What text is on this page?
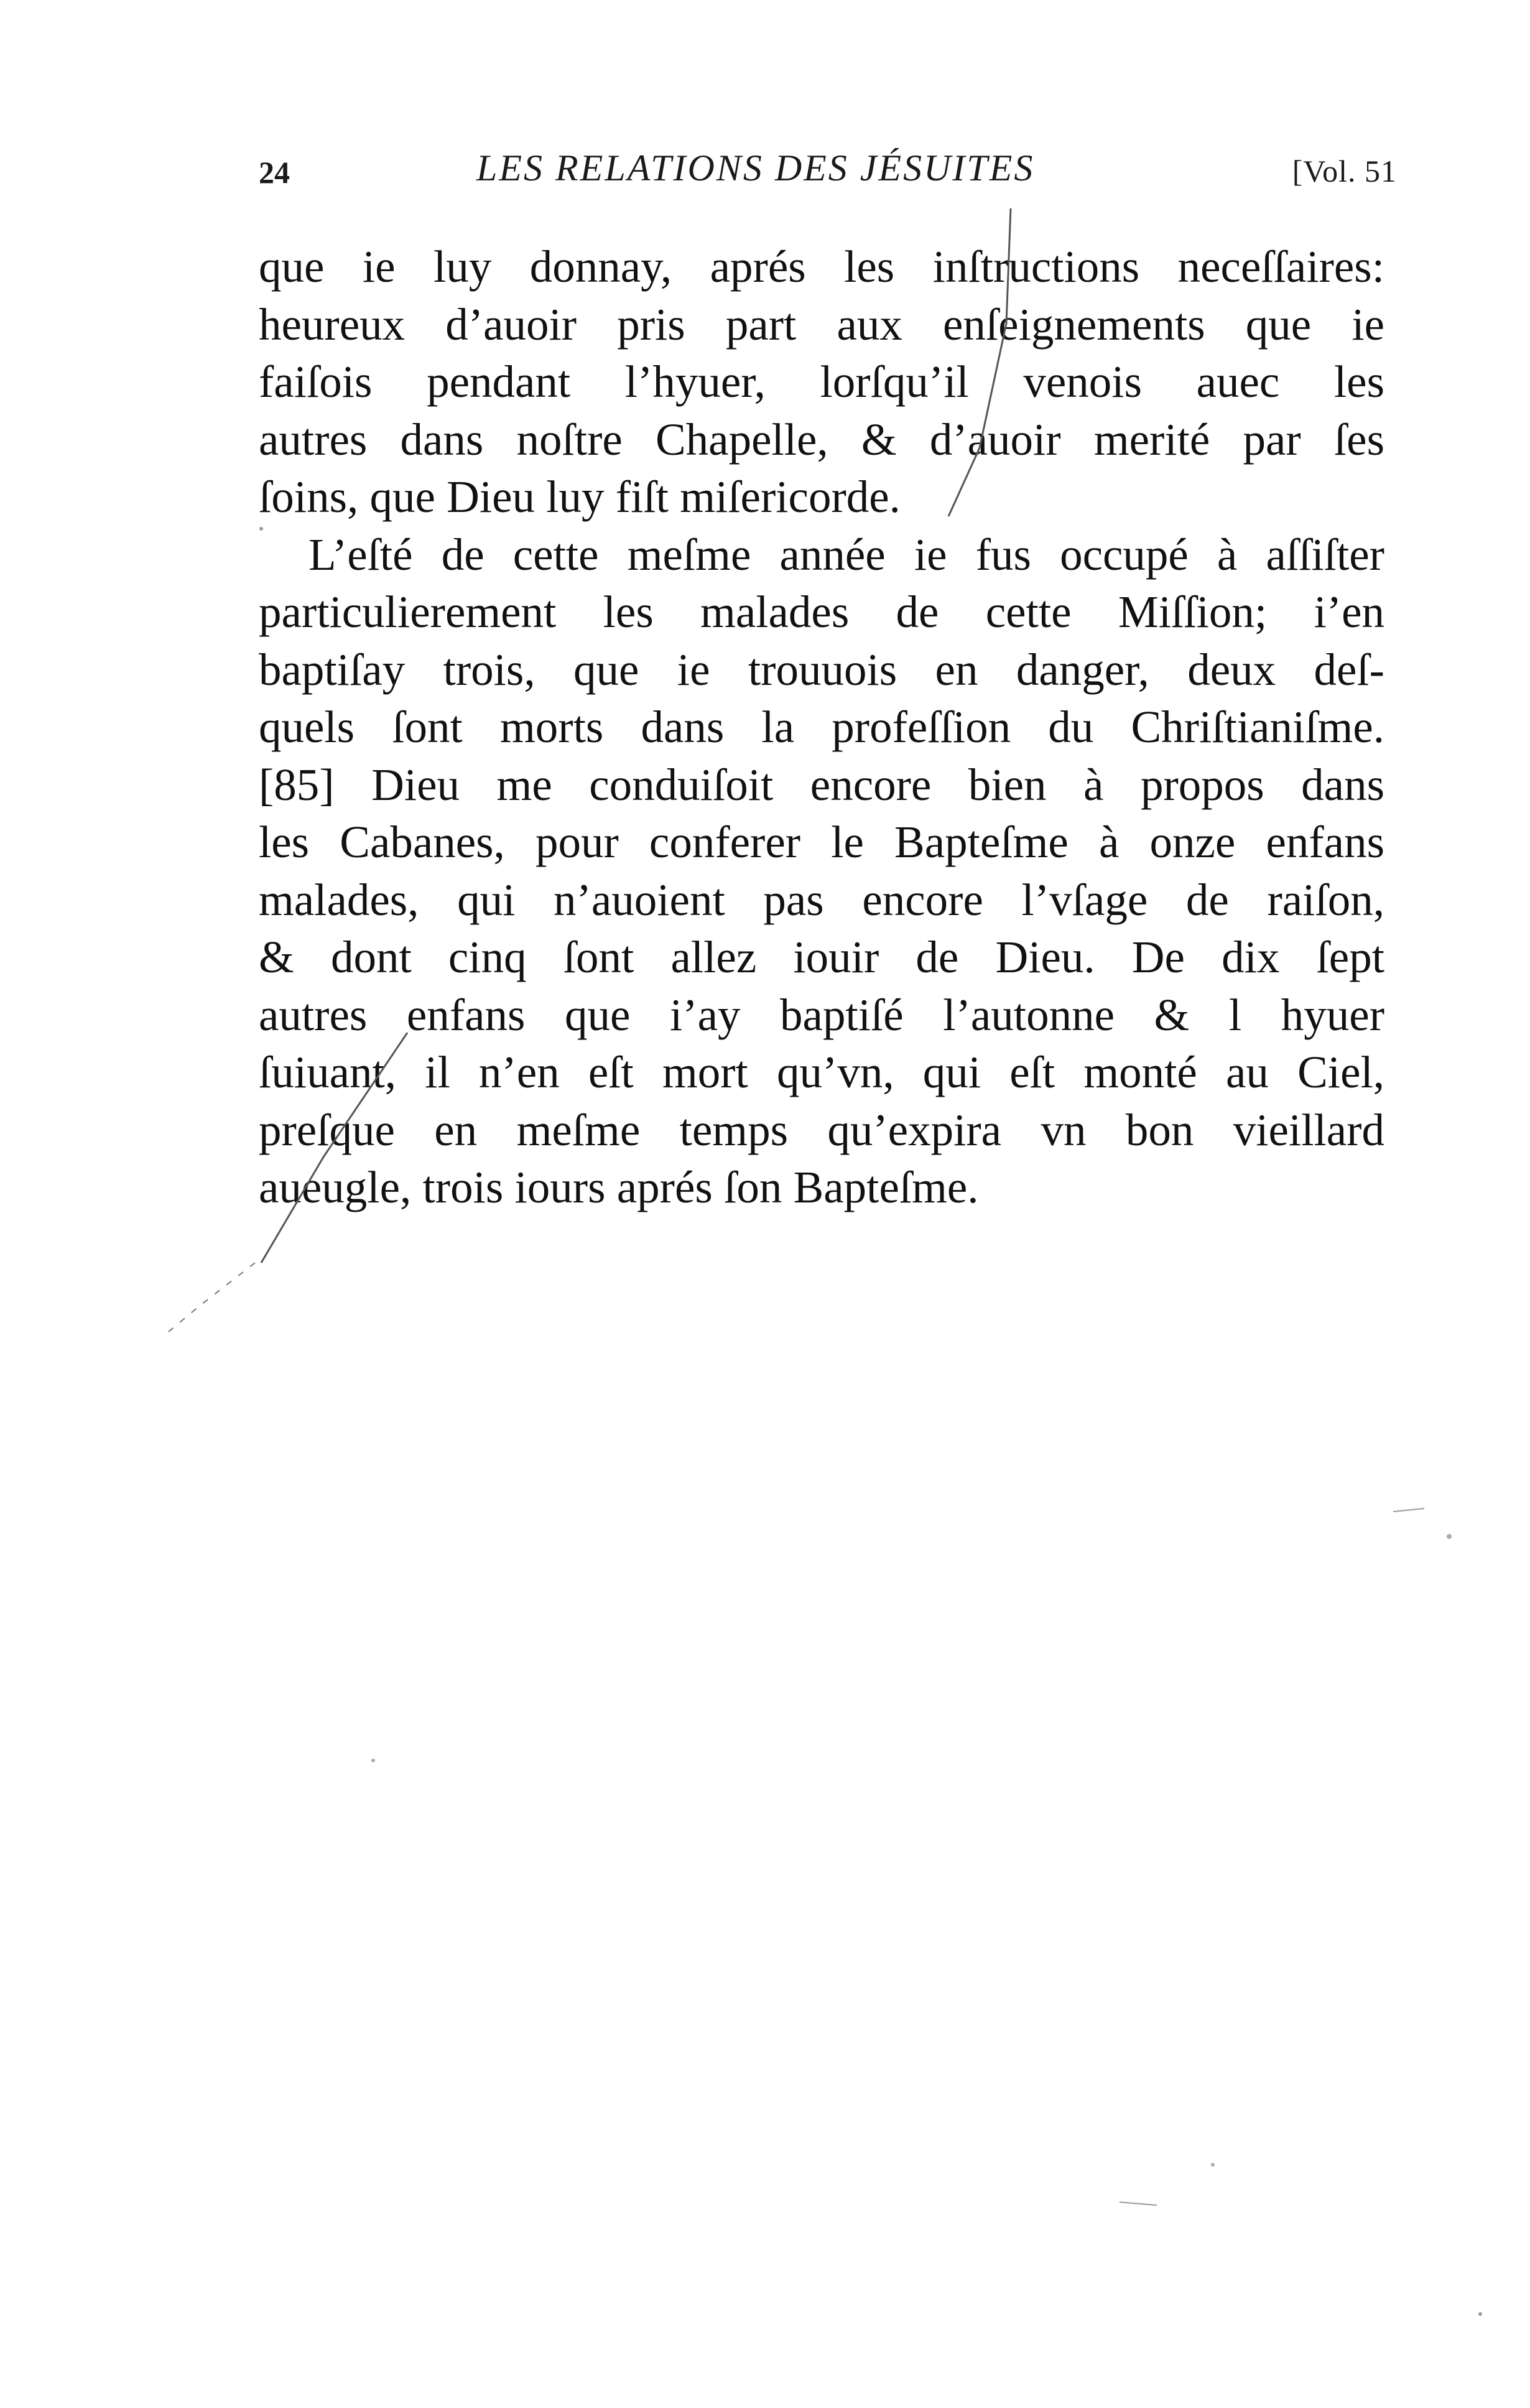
24	LES RELATIONS DES JÉSUITES	[Vol. 51
que ie luy donnay, aprés les inſtructions neceſſaires:
heureux d’auoir pris part aux enſeignements que ie
faiſois pendant l’hyuer, lorſqu’il venois auec les
autres dans noſtre Chapelle, & d’auoir merité par ſes
ſoins, que Dieu luy fiſt miſericorde.
L’eſté de cette meſme année ie fus occupé à aſſiſter
particulierement les malades de cette Miſſion; i’en
baptiſay trois, que ie trouuois en danger, deux deſ-
quels ſont morts dans la profeſſion du Chriſtianiſme.
[85] Dieu me conduiſoit encore bien à propos dans
les Cabanes, pour conferer le Bapteſme à onze enfans
malades, qui n’auoient pas encore l’vſage de raiſon,
& dont cinq ſont allez iouir de Dieu. De dix ſept
autres enfans que i’ay baptiſé l’autonne & l hyuer
ſuiuant, il n’en eſt mort qu’vn, qui eſt monté au Ciel,
preſque en meſme temps qu’expira vn bon vieillard
aueugle, trois iours aprés ſon Bapteſme.
